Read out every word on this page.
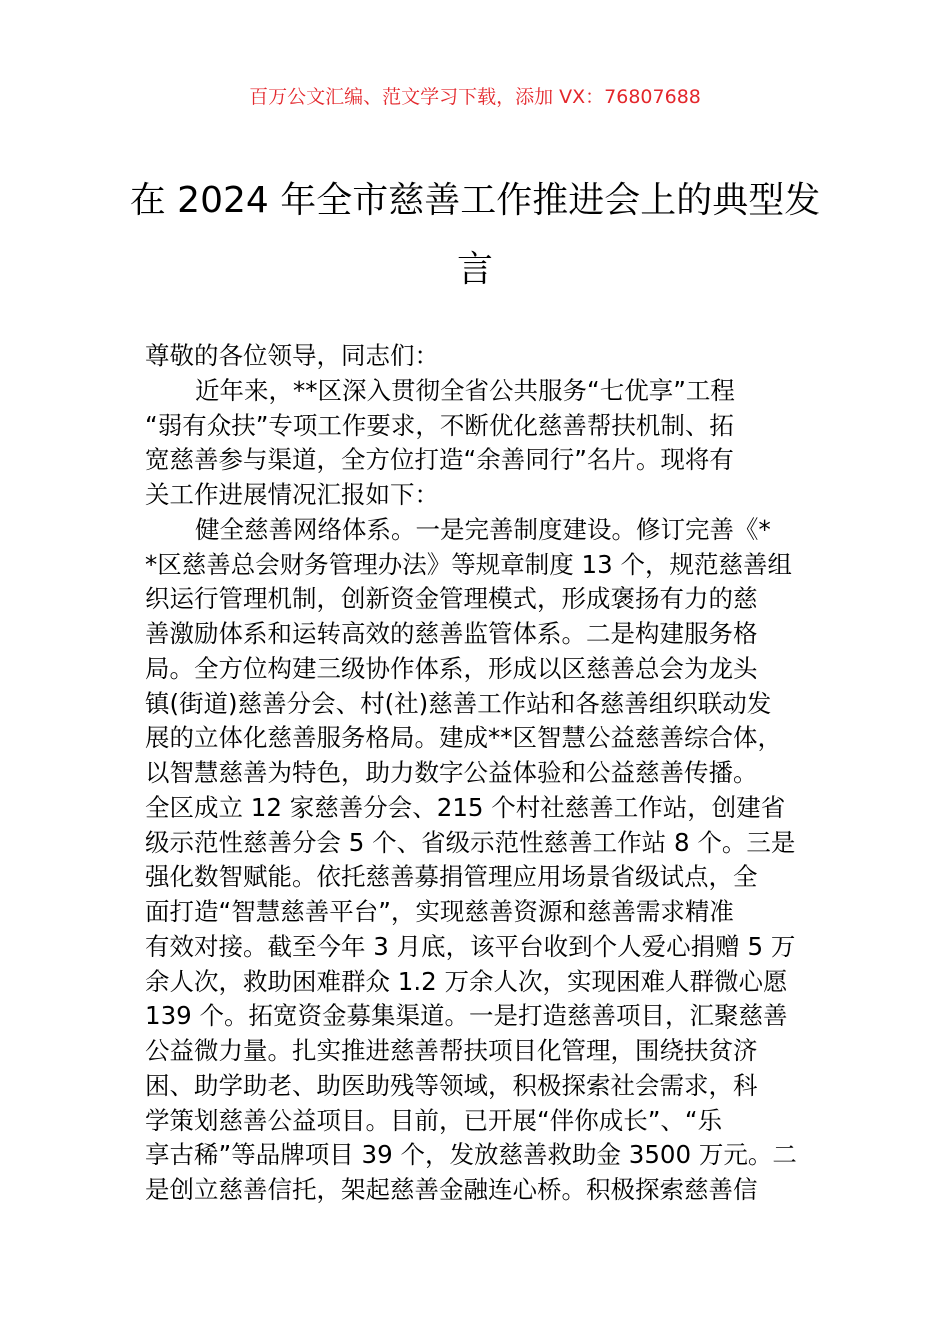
百万公文汇编、范文学习下载，添加 VX：76807688
在 2024 年全市慈善工作推进会上的典型发
言
尊敬的各位领导，同志们：
近年来，**区深入贯彻全省公共服务“七优享”工程
“弱有众扶”专项工作要求，不断优化慈善帮扶机制、拓
宽慈善参与渠道，全方位打造“余善同行”名片。现将有
关工作进展情况汇报如下：
健全慈善网络体系。一是完善制度建设。修订完善《*
*区慈善总会财务管理办法》等规章制度 13 个，规范慈善组
织运行管理机制，创新资金管理模式，形成褒扬有力的慈
善激励体系和运转高效的慈善监管体系。二是构建服务格
局。全方位构建三级协作体系，形成以区慈善总会为龙头
镇(街道)慈善分会、村(社)慈善工作站和各慈善组织联动发
展的立体化慈善服务格局。建成**区智慧公益慈善综合体，
以智慧慈善为特色，助力数字公益体验和公益慈善传播。
全区成立 12 家慈善分会、215 个村社慈善工作站，创建省
级示范性慈善分会 5 个、省级示范性慈善工作站 8 个。三是
强化数智赋能。依托慈善募捐管理应用场景省级试点，全
面打造“智慧慈善平台”，实现慈善资源和慈善需求精准
有效对接。截至今年 3 月底，该平台收到个人爱心捐赠 5 万
余人次，救助困难群众 1.2 万余人次，实现困难人群微心愿
139 个。拓宽资金募集渠道。一是打造慈善项目，汇聚慈善
公益微力量。扎实推进慈善帮扶项目化管理，围绕扶贫济
困、助学助老、助医助残等领域，积极探索社会需求，科
学策划慈善公益项目。目前，已开展“伴你成长”、“乐
享古稀”等品牌项目 39 个，发放慈善救助金 3500 万元。二
是创立慈善信托，架起慈善金融连心桥。积极探索慈善信
